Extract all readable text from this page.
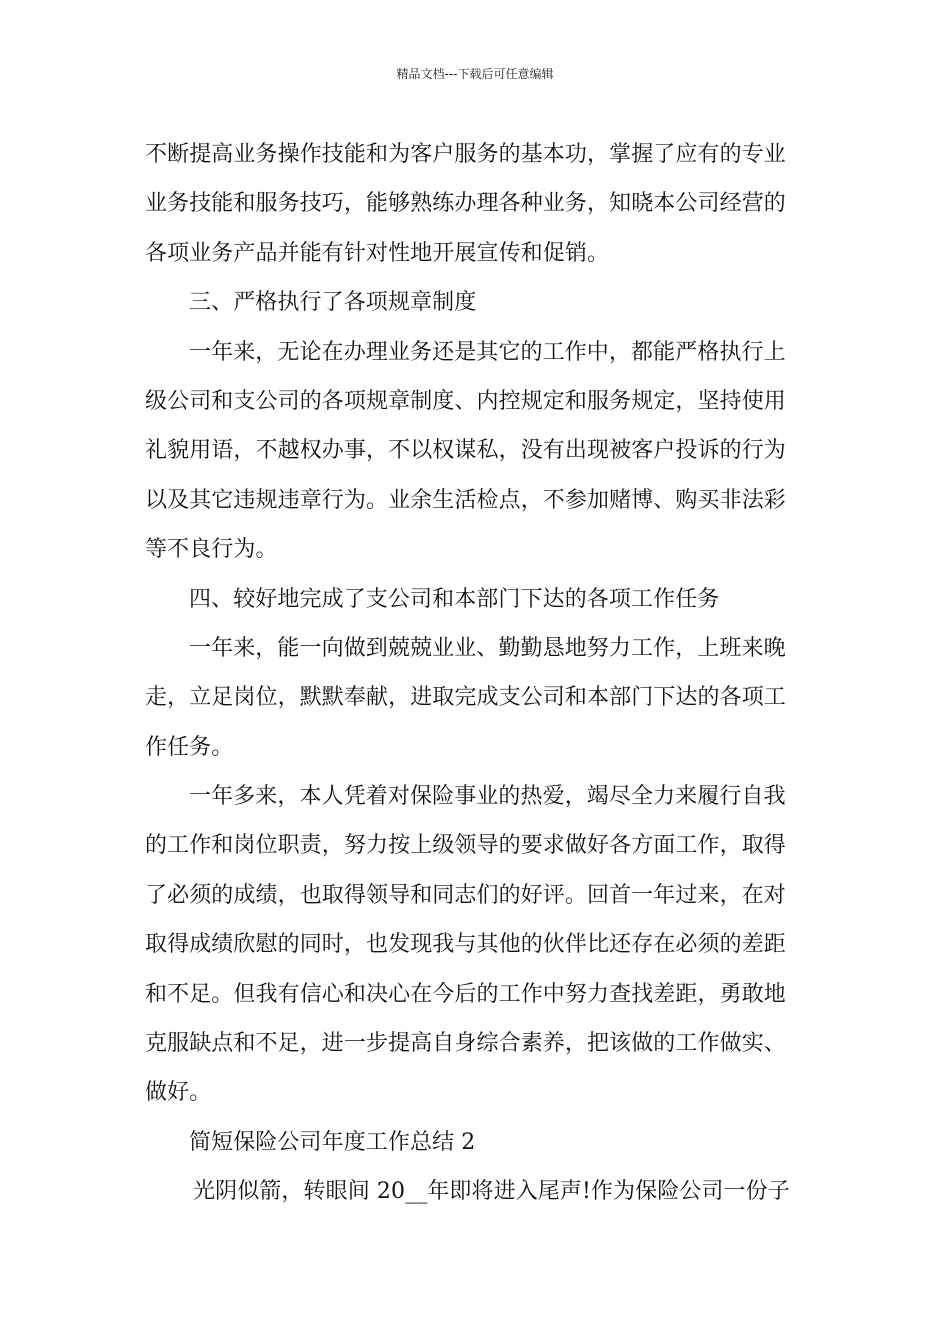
精品文档---下载后可任意编辑
不断提高业务操作技能和为客户服务的基本功，掌握了应有的专业
业务技能和服务技巧，能够熟练办理各种业务，知晓本公司经营的
各项业务产品并能有针对性地开展宣传和促销。
三、严格执行了各项规章制度
一年来，无论在办理业务还是其它的工作中，都能严格执行上
级公司和支公司的各项规章制度、内控规定和服务规定，坚持使用
礼貌用语，不越权办事，不以权谋私，没有出现被客户投诉的行为
以及其它违规违章行为。业余生活检点，不参加赌博、购买非法彩
等不良行为。
四、较好地完成了支公司和本部门下达的各项工作任务
一年来，能一向做到兢兢业业、勤勤恳地努力工作，上班来晚
走，立足岗位，默默奉献，进取完成支公司和本部门下达的各项工
作任务。
一年多来，本人凭着对保险事业的热爱，竭尽全力来履行自我
的工作和岗位职责，努力按上级领导的要求做好各方面工作，取得
了必须的成绩，也取得领导和同志们的好评。回首一年过来，在对
取得成绩欣慰的同时，也发现我与其他的伙伴比还存在必须的差距
和不足。但我有信心和决心在今后的工作中努力查找差距，勇敢地
克服缺点和不足，进一步提高自身综合素养，把该做的工作做实、
做好。
简短保险公司年度工作总结 2
光阴似箭，转眼间 20__年即将进入尾声!作为保险公司一份子
